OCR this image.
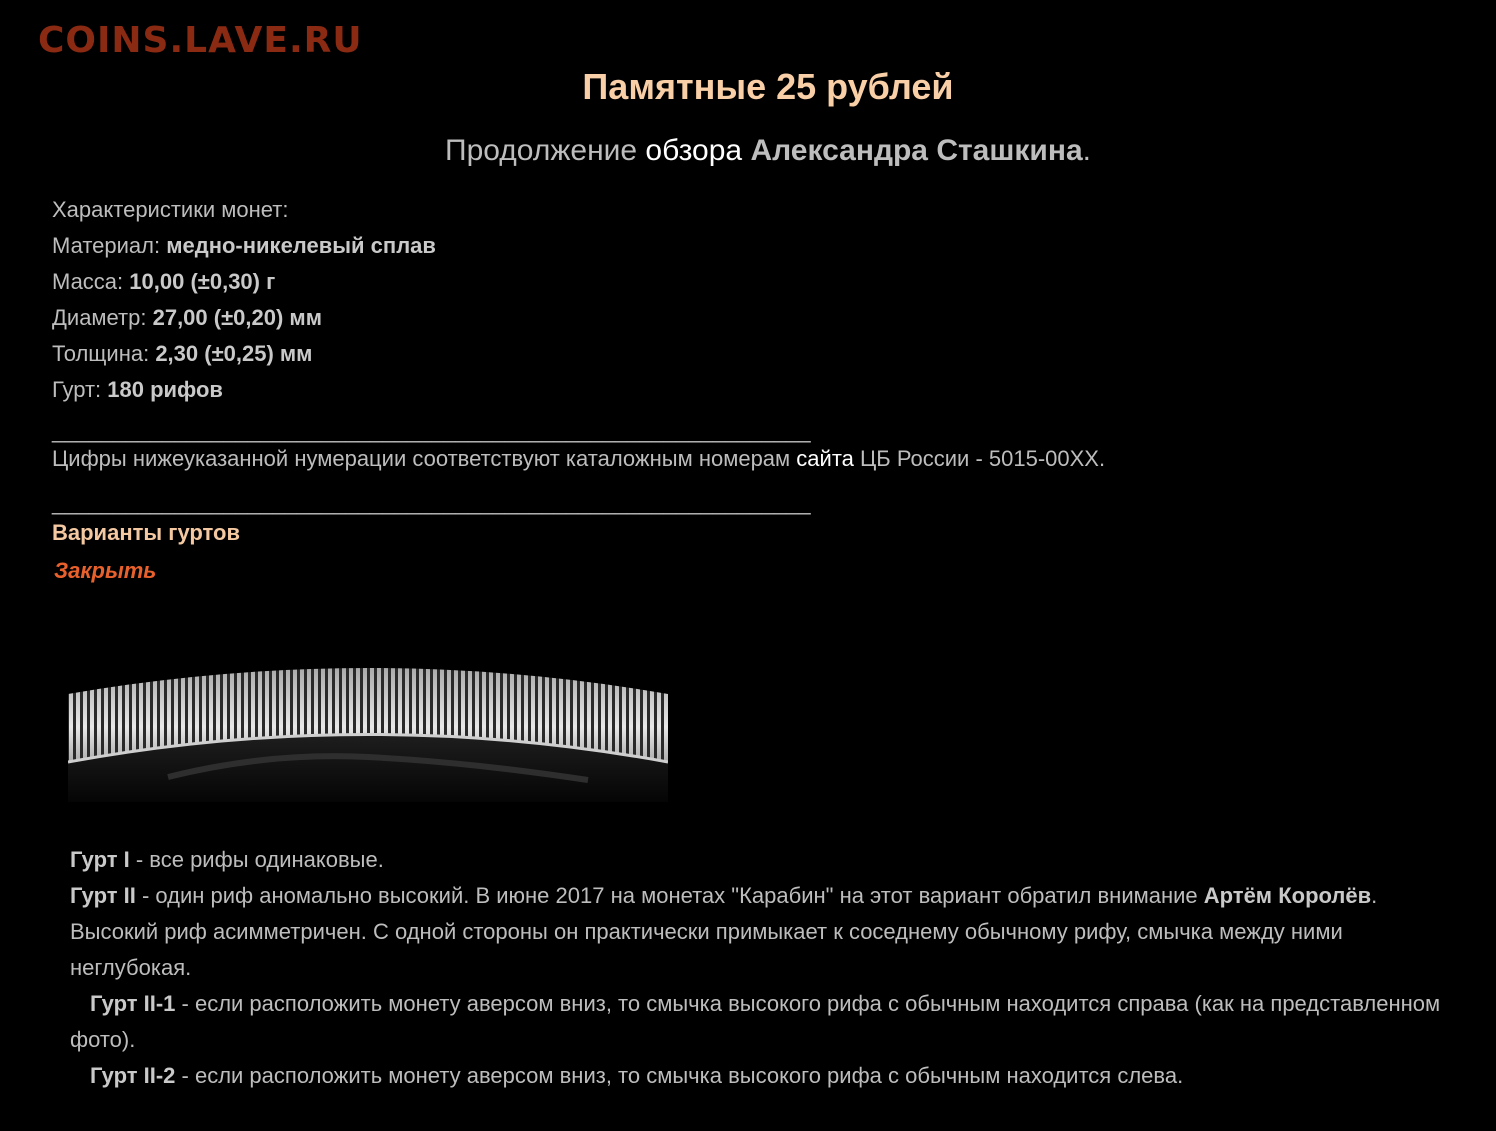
COINS.LAVE.RU
Памятные 25 рублей
Продолжение обзора Александра Сташкина.
Характеристики монет:
Материал: медно-никелевый сплав
Масса: 10,00 (±0,30) г
Диаметр: 27,00 (±0,20) мм
Толщина: 2,30 (±0,25) мм
Гурт: 180 рифов
______________________________________________________________
Цифры нижеуказанной нумерации соответствуют каталожным номерам сайта ЦБ России - 5015-00ХХ.
______________________________________________________________
Варианты гуртов
Закрыть

Гурт I - все рифы одинаковые.

Гурт II - один риф аномально высокий. В июне 2017 на монетах "Карабин" на этот вариант обратил внимание Артём Королёв. Высокий риф асимметричен. С одной стороны он практически примыкает к соседнему обычному рифу, смычка между ними неглубокая.

Гурт II-1 - если расположить монету аверсом вниз, то смычка высокого рифа с обычным находится справа (как на представленном фото).

Гурт II-2 - если расположить монету аверсом вниз, то смычка высокого рифа с обычным находится слева.
